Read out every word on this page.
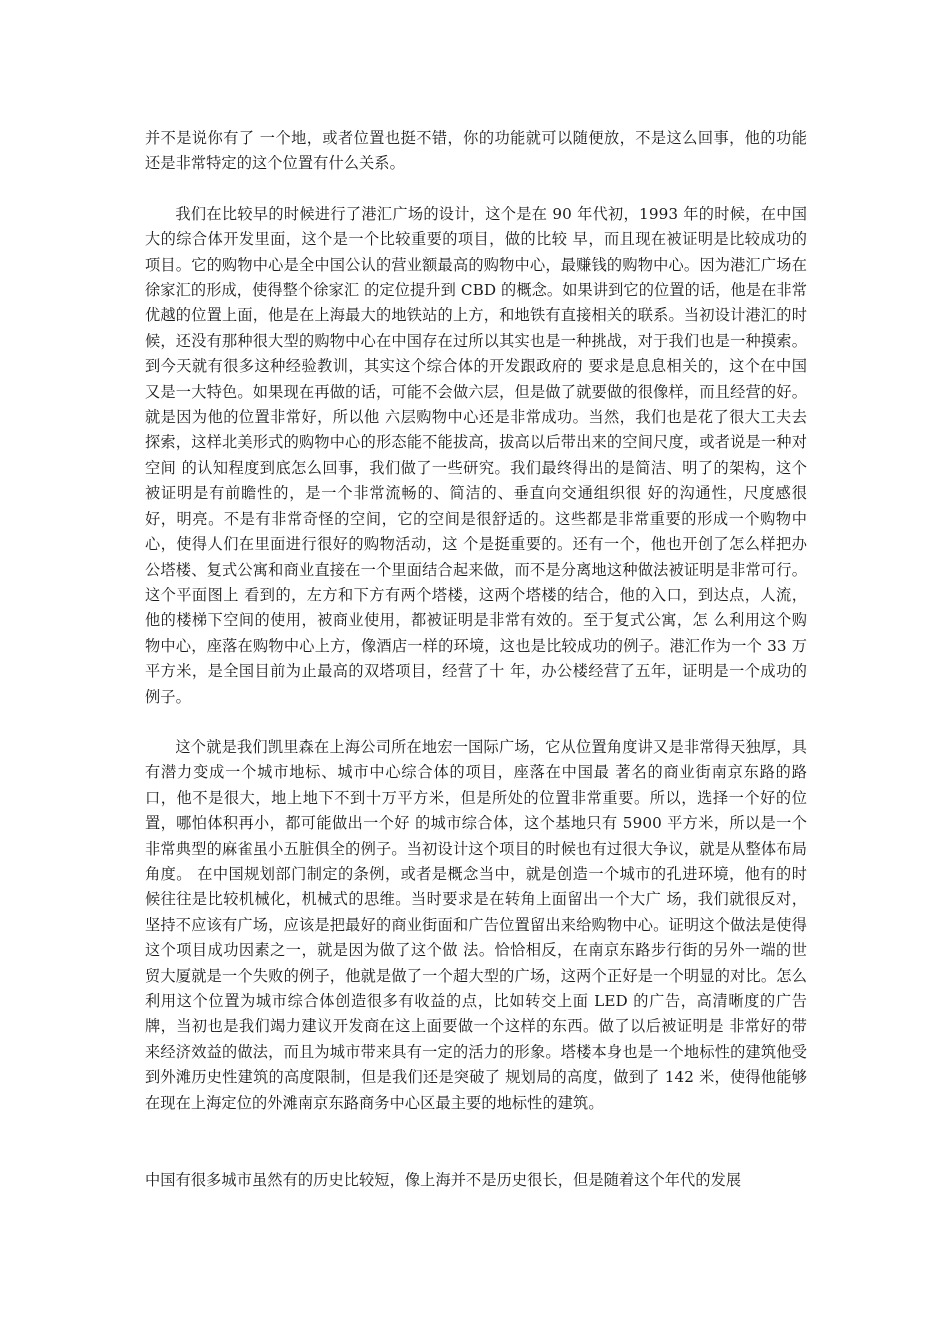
并不是说你有了 一个地，或者位置也挺不错，你的功能就可以随便放，不是这么回事，他的功能还是非常特定的这个位置有什么关系。

我们在比较早的时候进行了港汇广场的设计，这个是在 90 年代初，1993 年的时候，在中国大的综合体开发里面，这个是一个比较重要的项目，做的比较 早，而且现在被证明是比较成功的项目。它的购物中心是全中国公认的营业额最高的购物中心，最赚钱的购物中心。因为港汇广场在徐家汇的形成，使得整个徐家汇 的定位提升到 CBD 的概念。如果讲到它的位置的话，他是在非常优越的位置上面，他是在上海最大的地铁站的上方，和地铁有直接相关的联系。当初设计港汇的时 候，还没有那种很大型的购物中心在中国存在过所以其实也是一种挑战，对于我们也是一种摸索。到今天就有很多这种经验教训，其实这个综合体的开发跟政府的 要求是息息相关的，这个在中国又是一大特色。如果现在再做的话，可能不会做六层，但是做了就要做的很像样，而且经营的好。就是因为他的位置非常好，所以他 六层购物中心还是非常成功。当然，我们也是花了很大工夫去探索，这样北美形式的购物中心的形态能不能拔高，拔高以后带出来的空间尺度，或者说是一种对空间 的认知程度到底怎么回事，我们做了一些研究。我们最终得出的是简洁、明了的架构，这个被证明是有前瞻性的，是一个非常流畅的、简洁的、垂直向交通组织很 好的沟通性，尺度感很好，明亮。不是有非常奇怪的空间，它的空间是很舒适的。这些都是非常重要的形成一个购物中心，使得人们在里面进行很好的购物活动，这 个是挺重要的。还有一个，他也开创了怎么样把办公塔楼、复式公寓和商业直接在一个里面结合起来做，而不是分离地这种做法被证明是非常可行。这个平面图上 看到的，左方和下方有两个塔楼，这两个塔楼的结合，他的入口，到达点，人流，他的楼梯下空间的使用，被商业使用，都被证明是非常有效的。至于复式公寓，怎 么利用这个购物中心，座落在购物中心上方，像酒店一样的环境，这也是比较成功的例子。港汇作为一个 33 万平方米，是全国目前为止最高的双塔项目，经营了十 年，办公楼经营了五年，证明是一个成功的例子。

这个就是我们凯里森在上海公司所在地宏一国际广场，它从位置角度讲又是非常得天独厚，具有潜力变成一个城市地标、城市中心综合体的项目，座落在中国最 著名的商业街南京东路的路口，他不是很大，地上地下不到十万平方米，但是所处的位置非常重要。所以，选择一个好的位置，哪怕体积再小，都可能做出一个好 的城市综合体，这个基地只有 5900 平方米，所以是一个非常典型的麻雀虽小五脏俱全的例子。当初设计这个项目的时候也有过很大争议，就是从整体布局角度。 在中国规划部门制定的条例，或者是概念当中，就是创造一个城市的孔进环境，他有的时候往往是比较机械化，机械式的思维。当时要求是在转角上面留出一个大广 场，我们就很反对，坚持不应该有广场，应该是把最好的商业街面和广告位置留出来给购物中心。证明这个做法是使得这个项目成功因素之一，就是因为做了这个做 法。恰恰相反，在南京东路步行街的另外一端的世贸大厦就是一个失败的例子，他就是做了一个超大型的广场，这两个正好是一个明显的对比。怎么利用这个位置为城市综合体创造很多有收益的点，比如转交上面 LED 的广告，高清晰度的广告牌，当初也是我们竭力建议开发商在这上面要做一个这样的东西。做了以后被证明是 非常好的带来经济效益的做法，而且为城市带来具有一定的活力的形象。塔楼本身也是一个地标性的建筑他受到外滩历史性建筑的高度限制，但是我们还是突破了 规划局的高度，做到了 142 米，使得他能够在现在上海定位的外滩南京东路商务中心区最主要的地标性的建筑。

中国有很多城市虽然有的历史比较短，像上海并不是历史很长，但是随着这个年代的发展
